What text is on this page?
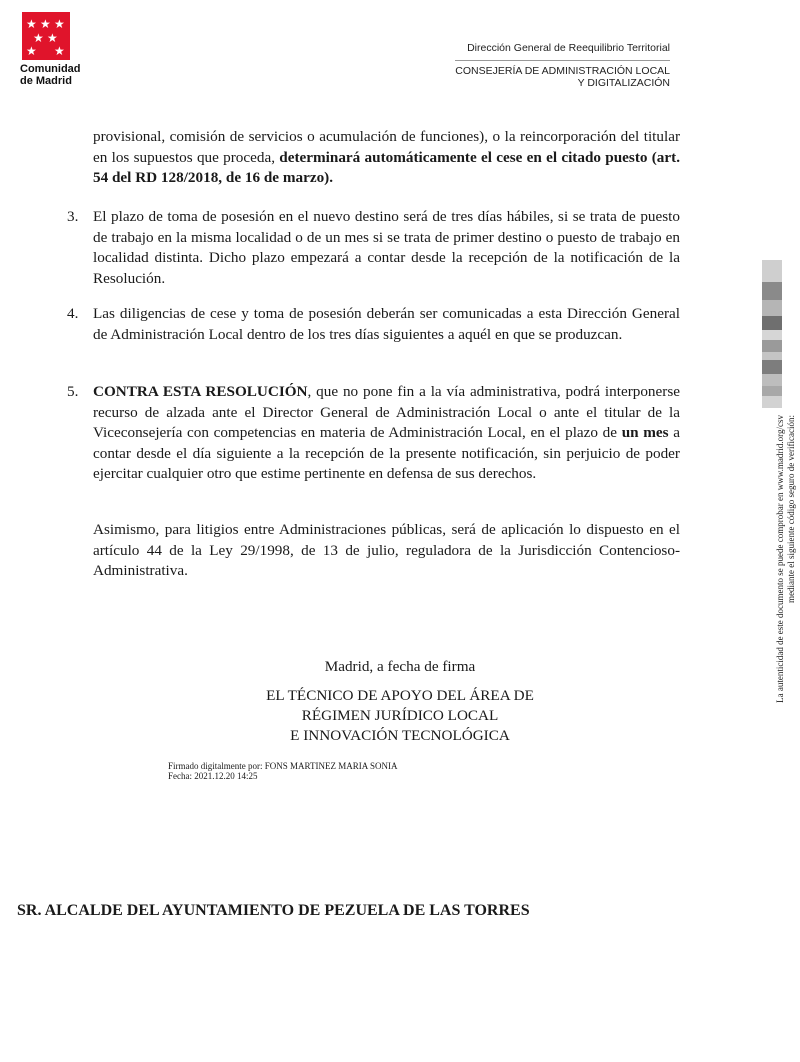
★ ★ ★
★ ★
★ ★
Comunidad
de Madrid
Dirección General de Reequilibrio Territorial
CONSEJERÍA DE ADMINISTRACIÓN LOCAL
Y DIGITALIZACIÓN
provisional, comisión de servicios o acumulación de funciones), o la reincorporación del titular en los supuestos que proceda, determinará automáticamente el cese en el citado puesto (art. 54 del RD 128/2018, de 16 de marzo).
3. El plazo de toma de posesión en el nuevo destino será de tres días hábiles, si se trata de puesto de trabajo en la misma localidad o de un mes si se trata de primer destino o puesto de trabajo en localidad distinta. Dicho plazo empezará a contar desde la recepción de la notificación de la Resolución.
4. Las diligencias de cese y toma de posesión deberán ser comunicadas a esta Dirección General de Administración Local dentro de los tres días siguientes a aquél en que se produzcan.
5. CONTRA ESTA RESOLUCIÓN, que no pone fin a la vía administrativa, podrá interponerse recurso de alzada ante el Director General de Administración Local o ante el titular de la Viceconsejería con competencias en materia de Administración Local, en el plazo de un mes a contar desde el día siguiente a la recepción de la presente notificación, sin perjuicio de poder ejercitar cualquier otro que estime pertinente en defensa de sus derechos.
Asimismo, para litigios entre Administraciones públicas, será de aplicación lo dispuesto en el artículo 44 de la Ley 29/1998, de 13 de julio, reguladora de la Jurisdicción Contencioso- Administrativa.
Madrid, a fecha de firma
EL TÉCNICO DE APOYO DEL ÁREA DE
RÉGIMEN JURÍDICO LOCAL
E INNOVACIÓN TECNOLÓGICA
Firmado digitalmente por: FONS MARTINEZ MARIA SONIA
Fecha: 2021.12.20 14:25
SR. ALCALDE DEL AYUNTAMIENTO DE PEZUELA DE LAS TORRES
La autenticidad de este documento se puede comprobar en www.madrid.org/csv mediante el siguiente código seguro de verificación:
